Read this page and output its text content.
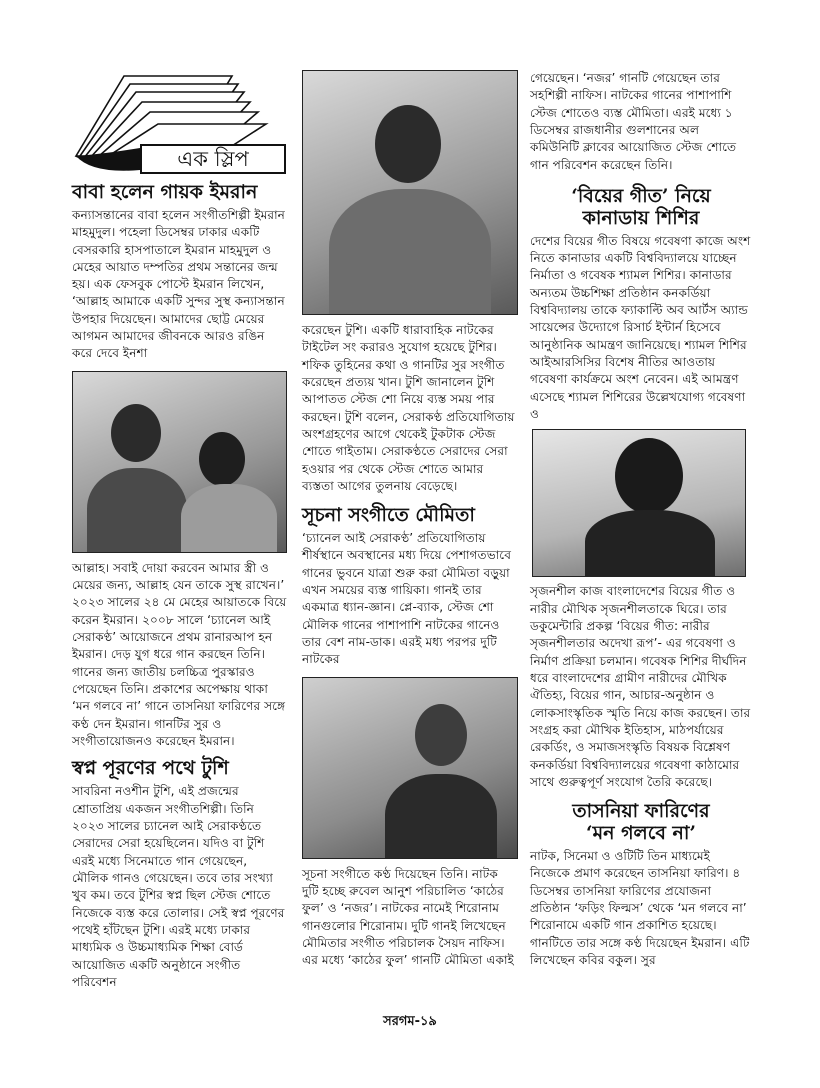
এক স্লিপ
বাবা হলেন গায়ক ইমরান

কন্যাসন্তানের বাবা হলেন সংগীতশিল্পী ইমরান মাহমুদুল। পহেলা ডিসেম্বর ঢাকার একটি বেসরকারি হাসপাতালে ইমরান মাহমুদুল ও মেহের আয়াত দম্পতির প্রথম সন্তানের জন্ম হয়। এক ফেসবুক পোস্টে ইমরান লিখেন, ‘আল্লাহ আমাকে একটি সুন্দর সুস্থ কন্যাসন্তান উপহার দিয়েছেন। আমাদের ছোট্ট মেয়ের আগমন আমাদের জীবনকে আরও রঙিন করে দেবে ইনশা

আল্লাহ। সবাই দোয়া করবেন আমার স্ত্রী ও মেয়ের জন্য, আল্লাহ যেন তাকে সুস্থ রাখেন।’ ২০২৩ সালের ২৪ মে মেহের আয়াতকে বিয়ে করেন ইমরান। ২০০৮ সালে ‘চ্যানেল আই সেরাকণ্ঠ’ আয়োজনে প্রথম রানারআপ হন ইমরান। দেড় যুগ ধরে গান করছেন তিনি। গানের জন্য জাতীয় চলচ্চিত্র পুরস্কারও পেয়েছেন তিনি। প্রকাশের অপেক্ষায় থাকা ‘মন গলবে না’ গানে তাসনিয়া ফারিণের সঙ্গে কণ্ঠ দেন ইমরান। গানটির সুর ও সংগীতায়োজনও করেছেন ইমরান।

স্বপ্ন পূরণের পথে টুশি

সাবরিনা নওশীন টুশি, এই প্রজন্মের শ্রোতাপ্রিয় একজন সংগীতশিল্পী। তিনি ২০২৩ সালের চ্যানেল আই সেরাকণ্ঠতে সেরাদের সেরা হয়েছিলেন। যদিও বা টুশি এরই মধ্যে সিনেমাতে গান গেয়েছেন, মৌলিক গানও গেয়েছেন। তবে তার সংখ্যা খুব কম। তবে টুশির স্বপ্ন ছিল স্টেজ শোতে নিজেকে ব্যস্ত করে তোলার। সেই স্বপ্ন পূরণের পথেই হাঁটছেন টুশি। এরই মধ্যে ঢাকার মাধ্যমিক ও উচ্চমাধ্যমিক শিক্ষা বোর্ড আয়োজিত একটি অনুষ্ঠানে সংগীত পরিবেশন

করেছেন টুশি। একটি ধারাবাহিক নাটকের টাইটেল সং করারও সুযোগ হয়েছে টুশির। শফিক তুহিনের কথা ও গানটির সুর সংগীত করেছেন প্রত্যয় খান। টুশি জানালেন টুশি আপাতত স্টেজ শো নিয়ে ব্যস্ত সময় পার করছেন। টুশি বলেন, সেরাকণ্ঠ প্রতিযোগিতায় অংশগ্রহণের আগে থেকেই টুকটাক স্টেজ শোতে গাইতাম। সেরাকণ্ঠতে সেরাদের সেরা হওয়ার পর থেকে স্টেজ শোতে আমার ব্যস্ততা আগের তুলনায় বেড়েছে।

সূচনা সংগীতে মৌমিতা

‘চ্যানেল আই সেরাকণ্ঠ’ প্রতিযোগিতায় শীর্ষস্থানে অবস্থানের মধ্য দিয়ে পেশাগতভাবে গানের ভুবনে যাত্রা শুরু করা মৌমিতা বড়ুয়া এখন সময়ের ব্যস্ত গায়িকা। গানই তার একমাত্র ধ্যান-জ্ঞান। প্লে-ব্যাক, স্টেজ শো মৌলিক গানের পাশাপাশি নাটকের গানেও তার বেশ নাম-ডাক। এরই মধ্য পরপর দুটি নাটকের

সূচনা সংগীতে কণ্ঠ দিয়েছেন তিনি। নাটক দুটি হচ্ছে রুবেল আনুশ পরিচালিত ‘কাঠের ফুল’ ও ‘নজর’। নাটকের নামেই শিরোনাম গানগুলোর শিরোনাম। দুটি গানই লিখেছেন মৌমিতার সংগীত পরিচালক সৈয়দ নাফিস। এর মধ্যে ‘কাঠের ফুল’ গানটি মৌমিতা একাই

গেয়েছেন। ‘নজর’ গানটি গেয়েছেন তার সহশিল্পী নাফিস। নাটকের গানের পাশাপাশি স্টেজ শোতেও ব্যস্ত মৌমিতা। এরই মধ্যে ১ ডিসেম্বর রাজধানীর গুলশানের অল কমিউনিটি ক্লাবের আয়োজিত স্টেজ শোতে গান পরিবেশন করেছেন তিনি।

‘বিয়ের গীত’ নিয়ে
কানাডায় শিশির

দেশের বিয়ের গীত বিষয়ে গবেষণা কাজে অংশ নিতে কানাডার একটি বিশ্ববিদ্যালয়ে যাচ্ছেন নির্মাতা ও গবেষক শ্যামল শিশির। কানাডার অন্যতম উচ্চশিক্ষা প্রতিষ্ঠান কনকর্ডিয়া বিশ্ববিদ্যালয় তাকে ফ্যাকাল্টি অব আর্টস অ্যান্ড সায়েন্সের উদ্যোগে রিসার্চ ইন্টার্ন হিসেবে আনুষ্ঠানিক আমন্ত্রণ জানিয়েছে। শ্যামল শিশির আইআরসিসির বিশেষ নীতির আওতায় গবেষণা কার্যক্রমে অংশ নেবেন। এই আমন্ত্রণ এসেছে শ্যামল শিশিরের উল্লেখযোগ্য গবেষণা ও

সৃজনশীল কাজ বাংলাদেশের বিয়ের গীত ও নারীর মৌখিক সৃজনশীলতাকে ঘিরে। তার ডকুমেন্টারি প্রকল্প ‘বিয়ের গীত: নারীর সৃজনশীলতার অদেখা রূপ’- এর গবেষণা ও নির্মাণ প্রক্রিয়া চলমান। গবেষক শিশির দীর্ঘদিন ধরে বাংলাদেশের গ্রামীণ নারীদের মৌখিক ঐতিহ্য, বিয়ের গান, আচার-অনুষ্ঠান ও লোকসাংস্কৃতিক স্মৃতি নিয়ে কাজ করছেন। তার সংগ্রহ করা মৌখিক ইতিহাস, মাঠপর্যায়ের রেকর্ডিং, ও সমাজসংস্কৃতি বিষয়ক বিশ্লেষণ কনকর্ডিয়া বিশ্ববিদ্যালয়ের গবেষণা কাঠামোর সাথে গুরুত্বপূর্ণ সংযোগ তৈরি করেছে।

তাসনিয়া ফারিণের
‘মন গলবে না’

নাটক, সিনেমা ও ওটিটি তিন মাধ্যমেই নিজেকে প্রমাণ করেছেন তাসনিয়া ফারিণ। ৪ ডিসেম্বর তাসনিয়া ফারিণের প্রযোজনা প্রতিষ্ঠান ‘ফড়িং ফিল্মস’ থেকে ‘মন গলবে না’ শিরোনামে একটি গান প্রকাশিত হয়েছে। গানটিতে তার সঙ্গে কণ্ঠ দিয়েছেন ইমরান। এটি লিখেছেন কবির বকুল। সুর

সরগম-১৯
